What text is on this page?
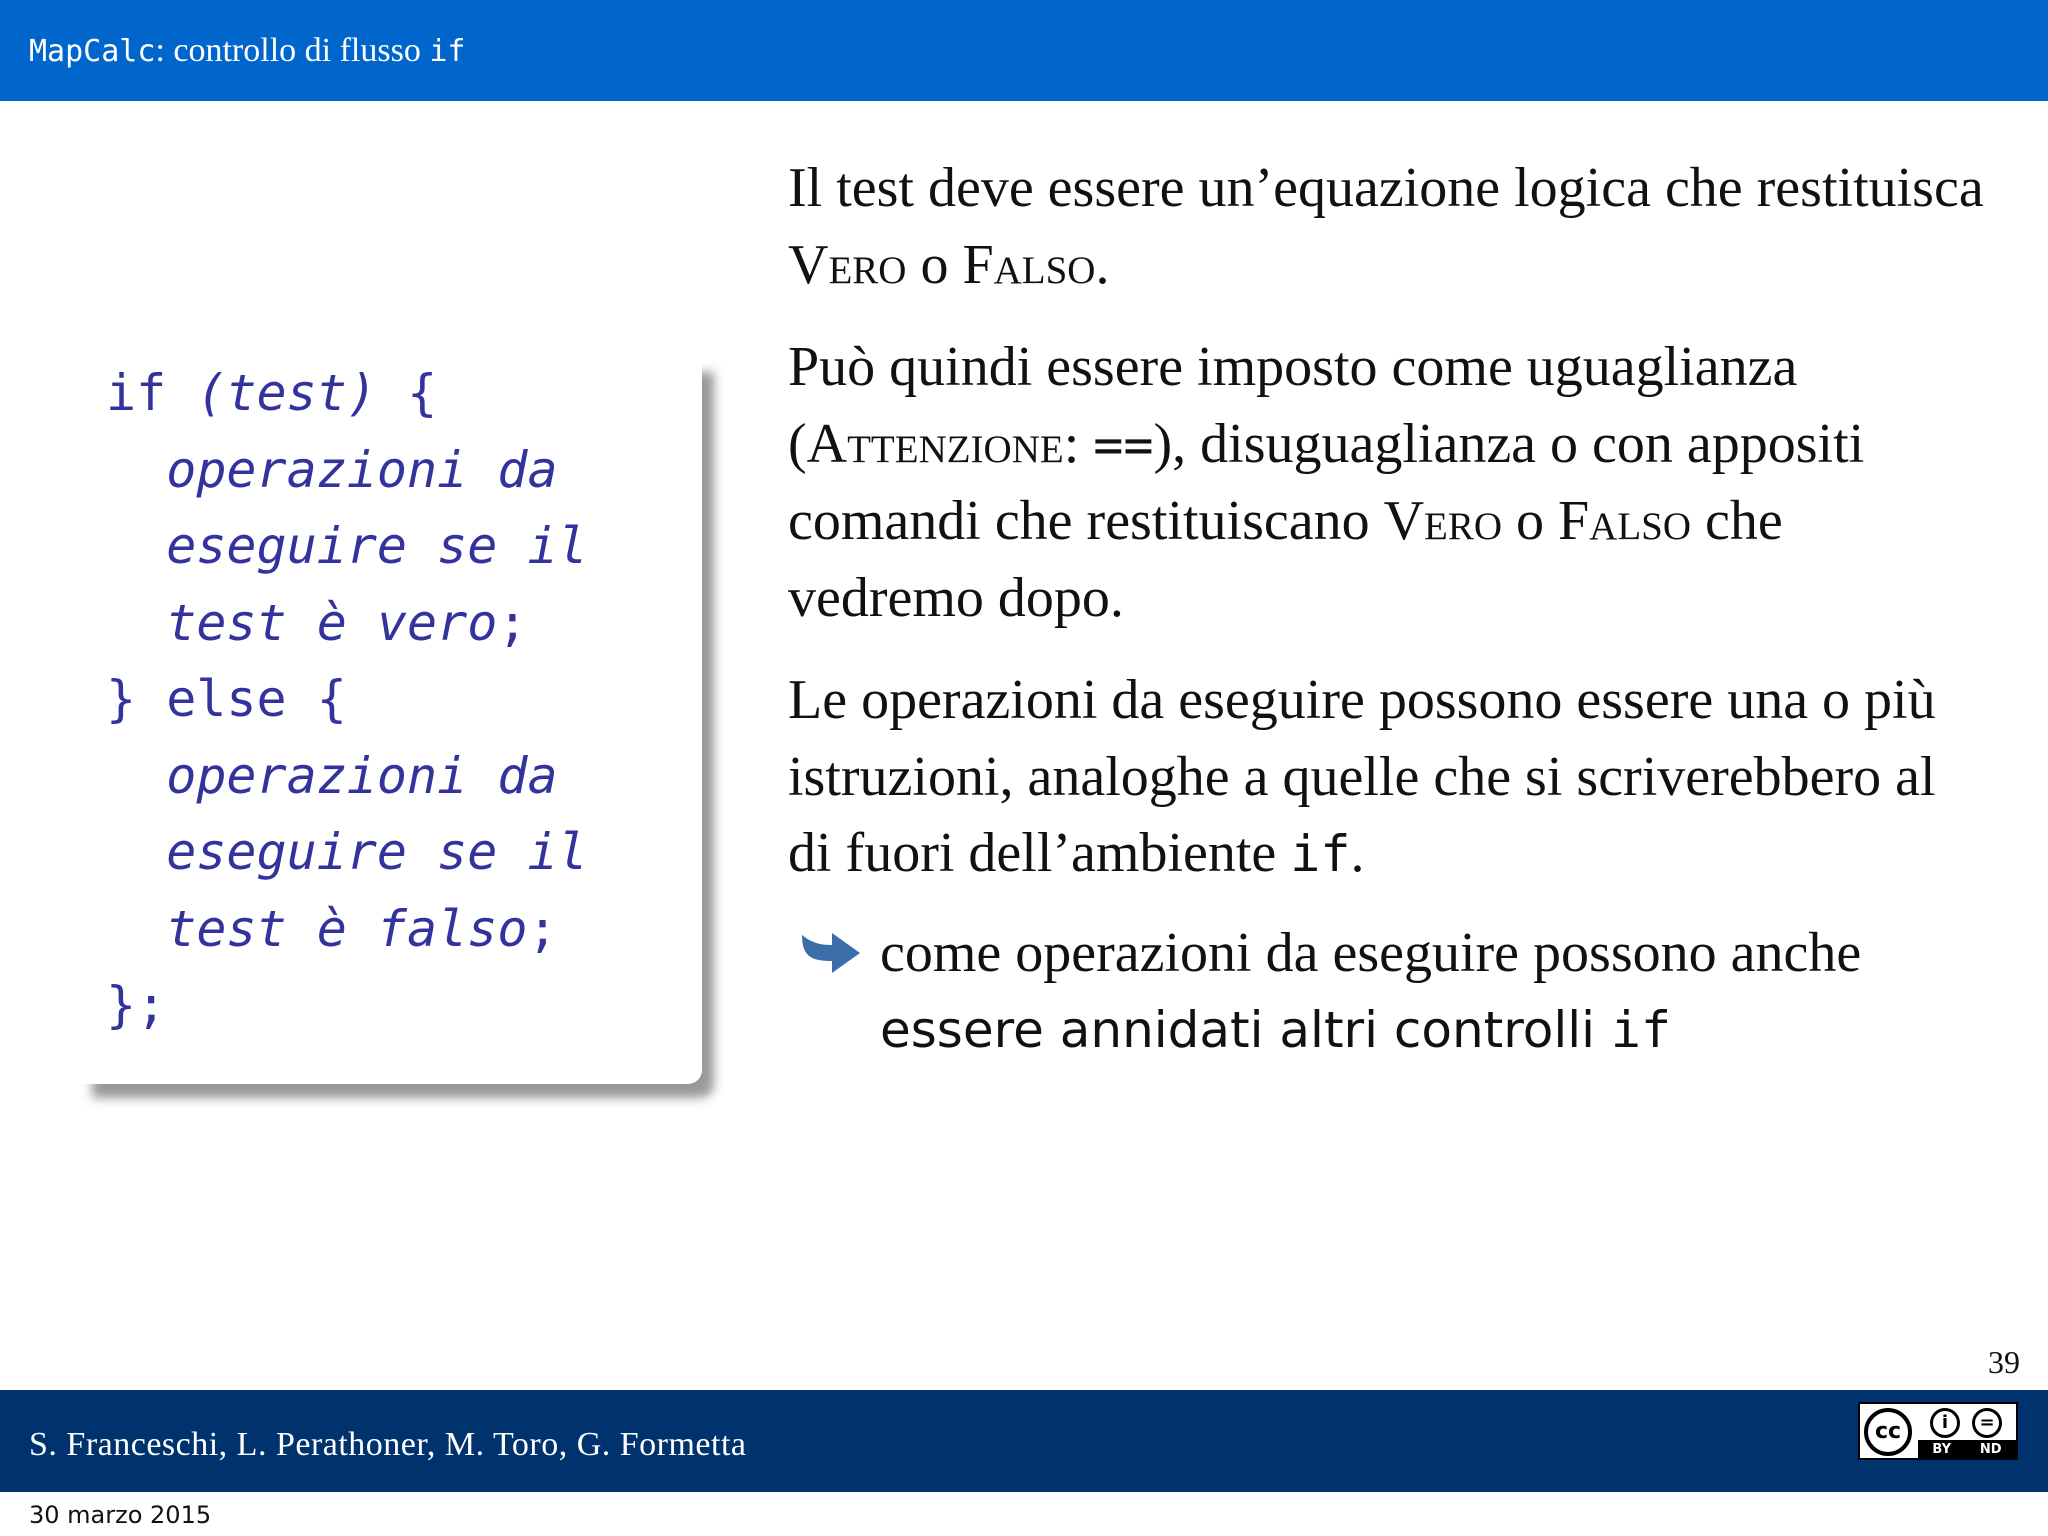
MapCalc: controllo di flusso if
if (test) {
operazioni da
eseguire se il
test è vero;
} else {
operazioni da
eseguire se il
test è falso;
};

Il test deve essere un’equazione logica che restituisca Vero o Falso.

Può quindi essere imposto come uguaglianza (Attenzione: ==), disuguaglianza o con appositi comandi che restituiscano Vero o Falso che vedremo dopo.

Le operazioni da eseguire possono essere una o più istruzioni, analoghe a quelle che si scriverebbero al di fuori dell’ambiente if.

come operazioni da eseguire possono anche essere annidati altri controlli if
39
S. Franceschi, L. Perathoner, M. Toro, G. Formetta	cc	i	=
BY ND
30 marzo 2015
